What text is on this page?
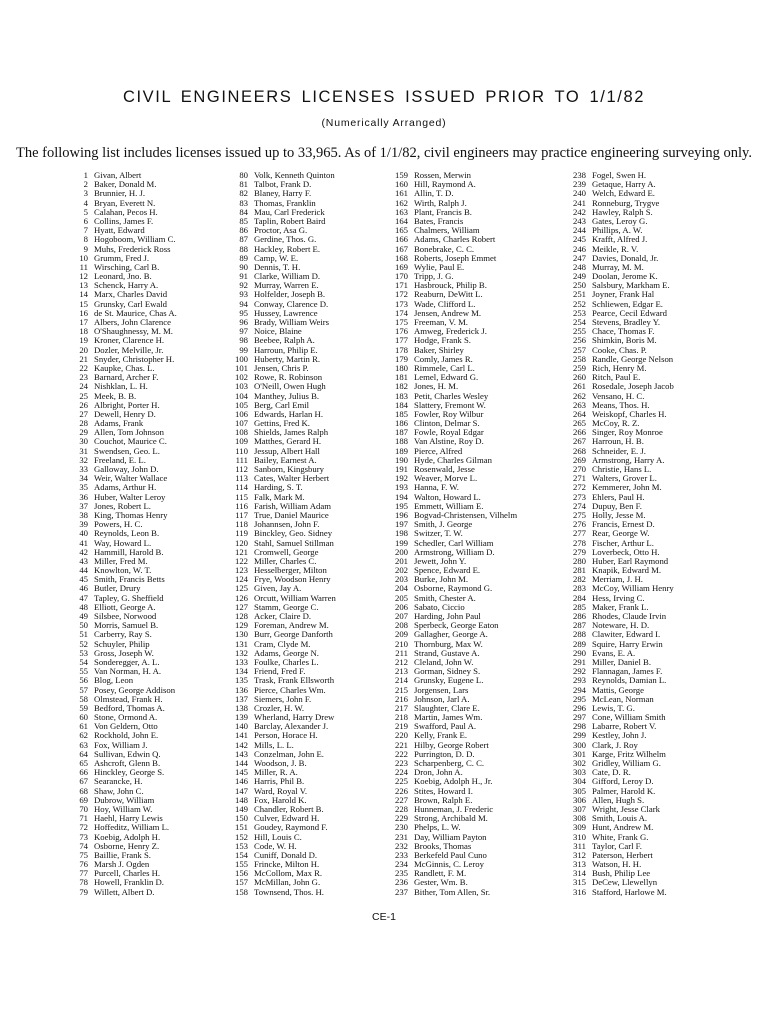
CIVIL ENGINEERS LICENSES ISSUED PRIOR TO 1/1/82
(Numerically Arranged)
The following list includes licenses issued up to 33,965. As of 1/1/82, civil engineers may practice engineering surveying only.
1 Givan, Albert
2 Baker, Donald M.
3 Brunnier, H. J.
4 Bryan, Everett N.
5 Calahan, Pecos H.
6 Collins, James F.
7 Hyatt, Edward
8 Hogoboom, William C.
9 Muhs, Frederick Ross
10 Grumm, Fred J.
11 Wirsching, Carl B.
12 Leonard, Jno. B.
13 Schenck, Harry A.
14 Marx, Charles David
15 Grunsky, Carl Ewald
16 de St. Maurice, Chas A.
17 Albers, John Clarence
18 O'Shaughnessy, M. M.
19 Kroner, Clarence H.
20 Dozler, Melville, Jr.
21 Snyder, Christopher H.
22 Kaupke, Chas. L.
23 Barnard, Archer F.
24 Nishklan, L. H.
25 Meek, B. B.
26 Albright, Porter H.
27 Dewell, Henry D.
28 Adams, Frank
29 Allen, Tom Johnson
30 Couchot, Maurice C.
31 Swendsen, Geo. L.
32 Freeland, E. L.
33 Galloway, John D.
34 Weir, Walter Wallace
35 Adams, Arthur H.
36 Huber, Walter Leroy
37 Jones, Robert L.
38 King, Thomas Henry
39 Powers, H. C.
40 Reynolds, Leon B.
41 Way, Howard L.
42 Hammill, Harold B.
43 Miller, Fred M.
44 Knowlton, W. T.
45 Smith, Francis Betts
46 Butler, Drury
47 Tapley, G. Sheffield
48 Elliott, George A.
49 Silsbee, Norwood
50 Morris, Samuel B.
51 Carberry, Ray S.
52 Schuyler, Philip
53 Gross, Joseph W.
54 Sonderegger, A. L.
55 Van Norman, H. A.
56 Blog, Leon
57 Posey, George Addison
58 Olmstead, Frank H.
59 Bedford, Thomas A.
60 Stone, Ormond A.
61 Von Geldern, Otto
62 Rockhold, John E.
63 Fox, William J.
64 Sullivan, Edwin Q.
65 Ashcroft, Glenn B.
66 Hinckley, George S.
67 Searancke, H.
68 Shaw, John C.
69 Dubrow, William
70 Hoy, William W.
71 Haehl, Harry Lewis
72 Hoffeditz, William L.
73 Koebig, Adolph H.
74 Osborne, Henry Z.
75 Baillie, Frank S.
76 Marsh J. Ogden
77 Purcell, Charles H.
78 Howell, Franklin D.
79 Willett, Albert D.
80 Volk, Kenneth Quinton
81 Talbot, Frank D.
82 Blaney, Harry F.
83 Thomas, Franklin
84 Mau, Carl Frederick
85 Taplin, Robert Baird
86 Proctor, Asa G.
87 Gerdine, Thos. G.
88 Hackley, Robert E.
89 Camp, W. E.
90 Dennis, T. H.
91 Clarke, William D.
92 Murray, Warren E.
93 Holfelder, Joseph B.
94 Conway, Clarence D.
95 Hussey, Lawrence
96 Brady, William Weirs
97 Noice, Blaine
98 Beebee, Ralph A.
99 Harroun, Philip E.
100 Huberty, Martin R.
101 Jensen, Chris P.
102 Rowe, R. Robinson
103 O'Neill, Owen Hugh
104 Manthey, Julius B.
105 Berg, Carl Emil
106 Edwards, Harlan H.
107 Gettins, Fred K.
108 Shields, James Ralph
109 Matthes, Gerard H.
110 Jessup, Albert Hall
111 Bailey, Earnest A.
112 Sanborn, Kingsbury
113 Cates, Walter Herbert
114 Harding, S. T.
115 Falk, Mark M.
116 Farish, William Adam
117 True, Daniel Maurice
118 Johannsen, John F.
119 Binckley, Geo. Sidney
120 Stahl, Samuel Stillman
121 Cromwell, George
122 Miller, Charles C.
123 Hesselberger, Milton
124 Frye, Woodson Henry
125 Given, Jay A.
126 Orcutt, William Warren
127 Stamm, George C.
128 Acker, Claire D.
129 Foreman, Andrew M.
130 Burr, George Danforth
131 Cram, Clyde M.
132 Adams, George N.
133 Foulke, Charles L.
134 Friend, Fred F.
135 Trask, Frank Ellsworth
136 Pierce, Charles Wm.
137 Siemers, John F.
138 Crozler, H. W.
139 Wherland, Harry Drew
140 Barclay, Alexander J.
141 Person, Horace H.
142 Mills, L. L.
143 Conzelman, John E.
144 Woodson, J. B.
145 Miller, R. A.
146 Harris, Phil B.
147 Ward, Royal V.
148 Fox, Harold K.
149 Chandler, Robert B.
150 Culver, Edward H.
151 Goudey, Raymond F.
152 Hill, Louis C.
153 Code, W. H.
154 Cuniff, Donald D.
155 Frincke, Milton H.
156 McCollom, Max R.
157 McMillan, John G.
158 Townsend, Thos. H.
159 Rossen, Merwin
160 Hill, Raymond A.
161 Allin, T. D.
162 Wirth, Ralph J.
163 Plant, Francis B.
164 Bates, Francis
165 Chalmers, William
166 Adams, Charles Robert
167 Bonebrake, C. C.
168 Roberts, Joseph Emmet
169 Wylie, Paul E.
170 Tripp, J. G.
171 Hasbrouck, Philip B.
172 Reaburn, DeWitt L.
173 Wade, Clifford L.
174 Jensen, Andrew M.
175 Freeman, V. M.
176 Amweg, Frederick J.
177 Hodge, Frank S.
178 Baker, Shirley
179 Comly, James R.
180 Rimmele, Carl L.
181 Lemel, Edward G.
182 Jones, H. M.
183 Petit, Charles Wesley
184 Slattery, Fremont W.
185 Fowler, Roy Wilbur
186 Clinton, Delmar S.
187 Fowle, Royal Edgar
188 Van Alstine, Roy D.
189 Pierce, Alfred
190 Hyde, Charles Gilman
191 Rosenwald, Jesse
192 Weaver, Morve L.
193 Hanna, F. W.
194 Walton, Howard L.
195 Emmett, William E.
196 Bogvad-Christensen, Vilhelm
197 Smith, J. George
198 Switzer, T. W.
199 Schedler, Carl William
200 Armstrong, William D.
201 Jewett, John Y.
202 Spence, Edward E.
203 Burke, John M.
204 Osborne, Raymond G.
205 Smith, Chester A.
206 Sabato, Ciccio
207 Harding, John Paul
208 Sperbeck, George Eaton
209 Gallagher, George A.
210 Thornburg, Max W.
211 Strand, Gustave A.
212 Cleland, John W.
213 Gorman, Sidney S.
214 Grunsky, Eugene L.
215 Jorgensen, Lars
216 Johnson, Jarl A.
217 Slaughter, Clare E.
218 Martin, James Wm.
219 Swafford, Paul A.
220 Kelly, Frank E.
221 Hilby, George Robert
222 Purrington, D. D.
223 Scharpenberg, C. C.
224 Dron, John A.
225 Koebig, Adolph H., Jr.
226 Stites, Howard I.
227 Brown, Ralph E.
228 Hunneman, J. Frederic
229 Strong, Archibald M.
230 Phelps, L. W.
231 Day, William Payton
232 Brooks, Thomas
233 Berkefeld Paul Cuno
234 McGinnis, C. Leroy
235 Randlett, F. M.
236 Gester, Wm. B.
237 Bither, Tom Allen, Sr.
238 Fogel, Swen H.
239 Getaque, Harry A.
240 Welch, Edward E.
241 Ronneburg, Trygve
242 Hawley, Ralph S.
243 Gates, Leroy G.
244 Phillips, A. W.
245 Krafft, Alfred J.
246 Meikle, R. V.
247 Davies, Donald, Jr.
248 Murray, M. M.
249 Doolan, Jerome K.
250 Salsbury, Markham E.
251 Joyner, Frank Hal
252 Schliewen, Edgar E.
253 Pearce, Cecil Edward
254 Stevens, Bradley Y.
255 Chace, Thomas F.
256 Shimkin, Boris M.
257 Cooke, Chas. P.
258 Randle, George Nelson
259 Rich, Henry M.
260 Ritch, Paul E.
261 Rosedale, Joseph Jacob
262 Vensano, H. C.
263 Means, Thos. H.
264 Weiskopf, Charles H.
265 McCoy, R. Z.
266 Singer, Roy Monroe
267 Harroun, H. B.
268 Schneider, E. J.
269 Armstrong, Harry A.
270 Christie, Hans L.
271 Walters, Grover L.
272 Kemmerer, John M.
273 Ehlers, Paul H.
274 Dupuy, Ben F.
275 Holly, Jesse M.
276 Francis, Ernest D.
277 Rear, George W.
278 Fischer, Arthur L.
279 Loverbeck, Otto H.
280 Huber, Earl Raymond
281 Knapik, Edward M.
282 Merriam, J. H.
283 McCoy, William Henry
284 Hess, Irving C.
285 Maker, Frank L.
286 Rhodes, Claude Irvin
287 Noteware, H. D.
288 Clawiter, Edward I.
289 Squire, Harry Erwin
290 Evans, E. A.
291 Miller, Daniel B.
292 Flannagan, James F.
293 Reynolds, Damian L.
294 Mattis, George
295 McLean, Norman
296 Lewis, T. G.
297 Cone, William Smith
298 Labarre, Robert V.
299 Kestley, John J.
300 Clark, J. Roy
301 Karge, Fritz Wilhelm
302 Gridley, William G.
303 Cate, D. R.
304 Gifford, Leroy D.
305 Palmer, Harold K.
306 Allen, Hugh S.
307 Wright, Jesse Clark
308 Smith, Louis A.
309 Hunt, Andrew M.
310 White, Frank G.
311 Taylor, Carl F.
312 Paterson, Herbert
313 Watson, H. H.
314 Bush, Philip Lee
315 DeCew, Llewellyn
316 Stafford, Harlowe M.
CE-1
